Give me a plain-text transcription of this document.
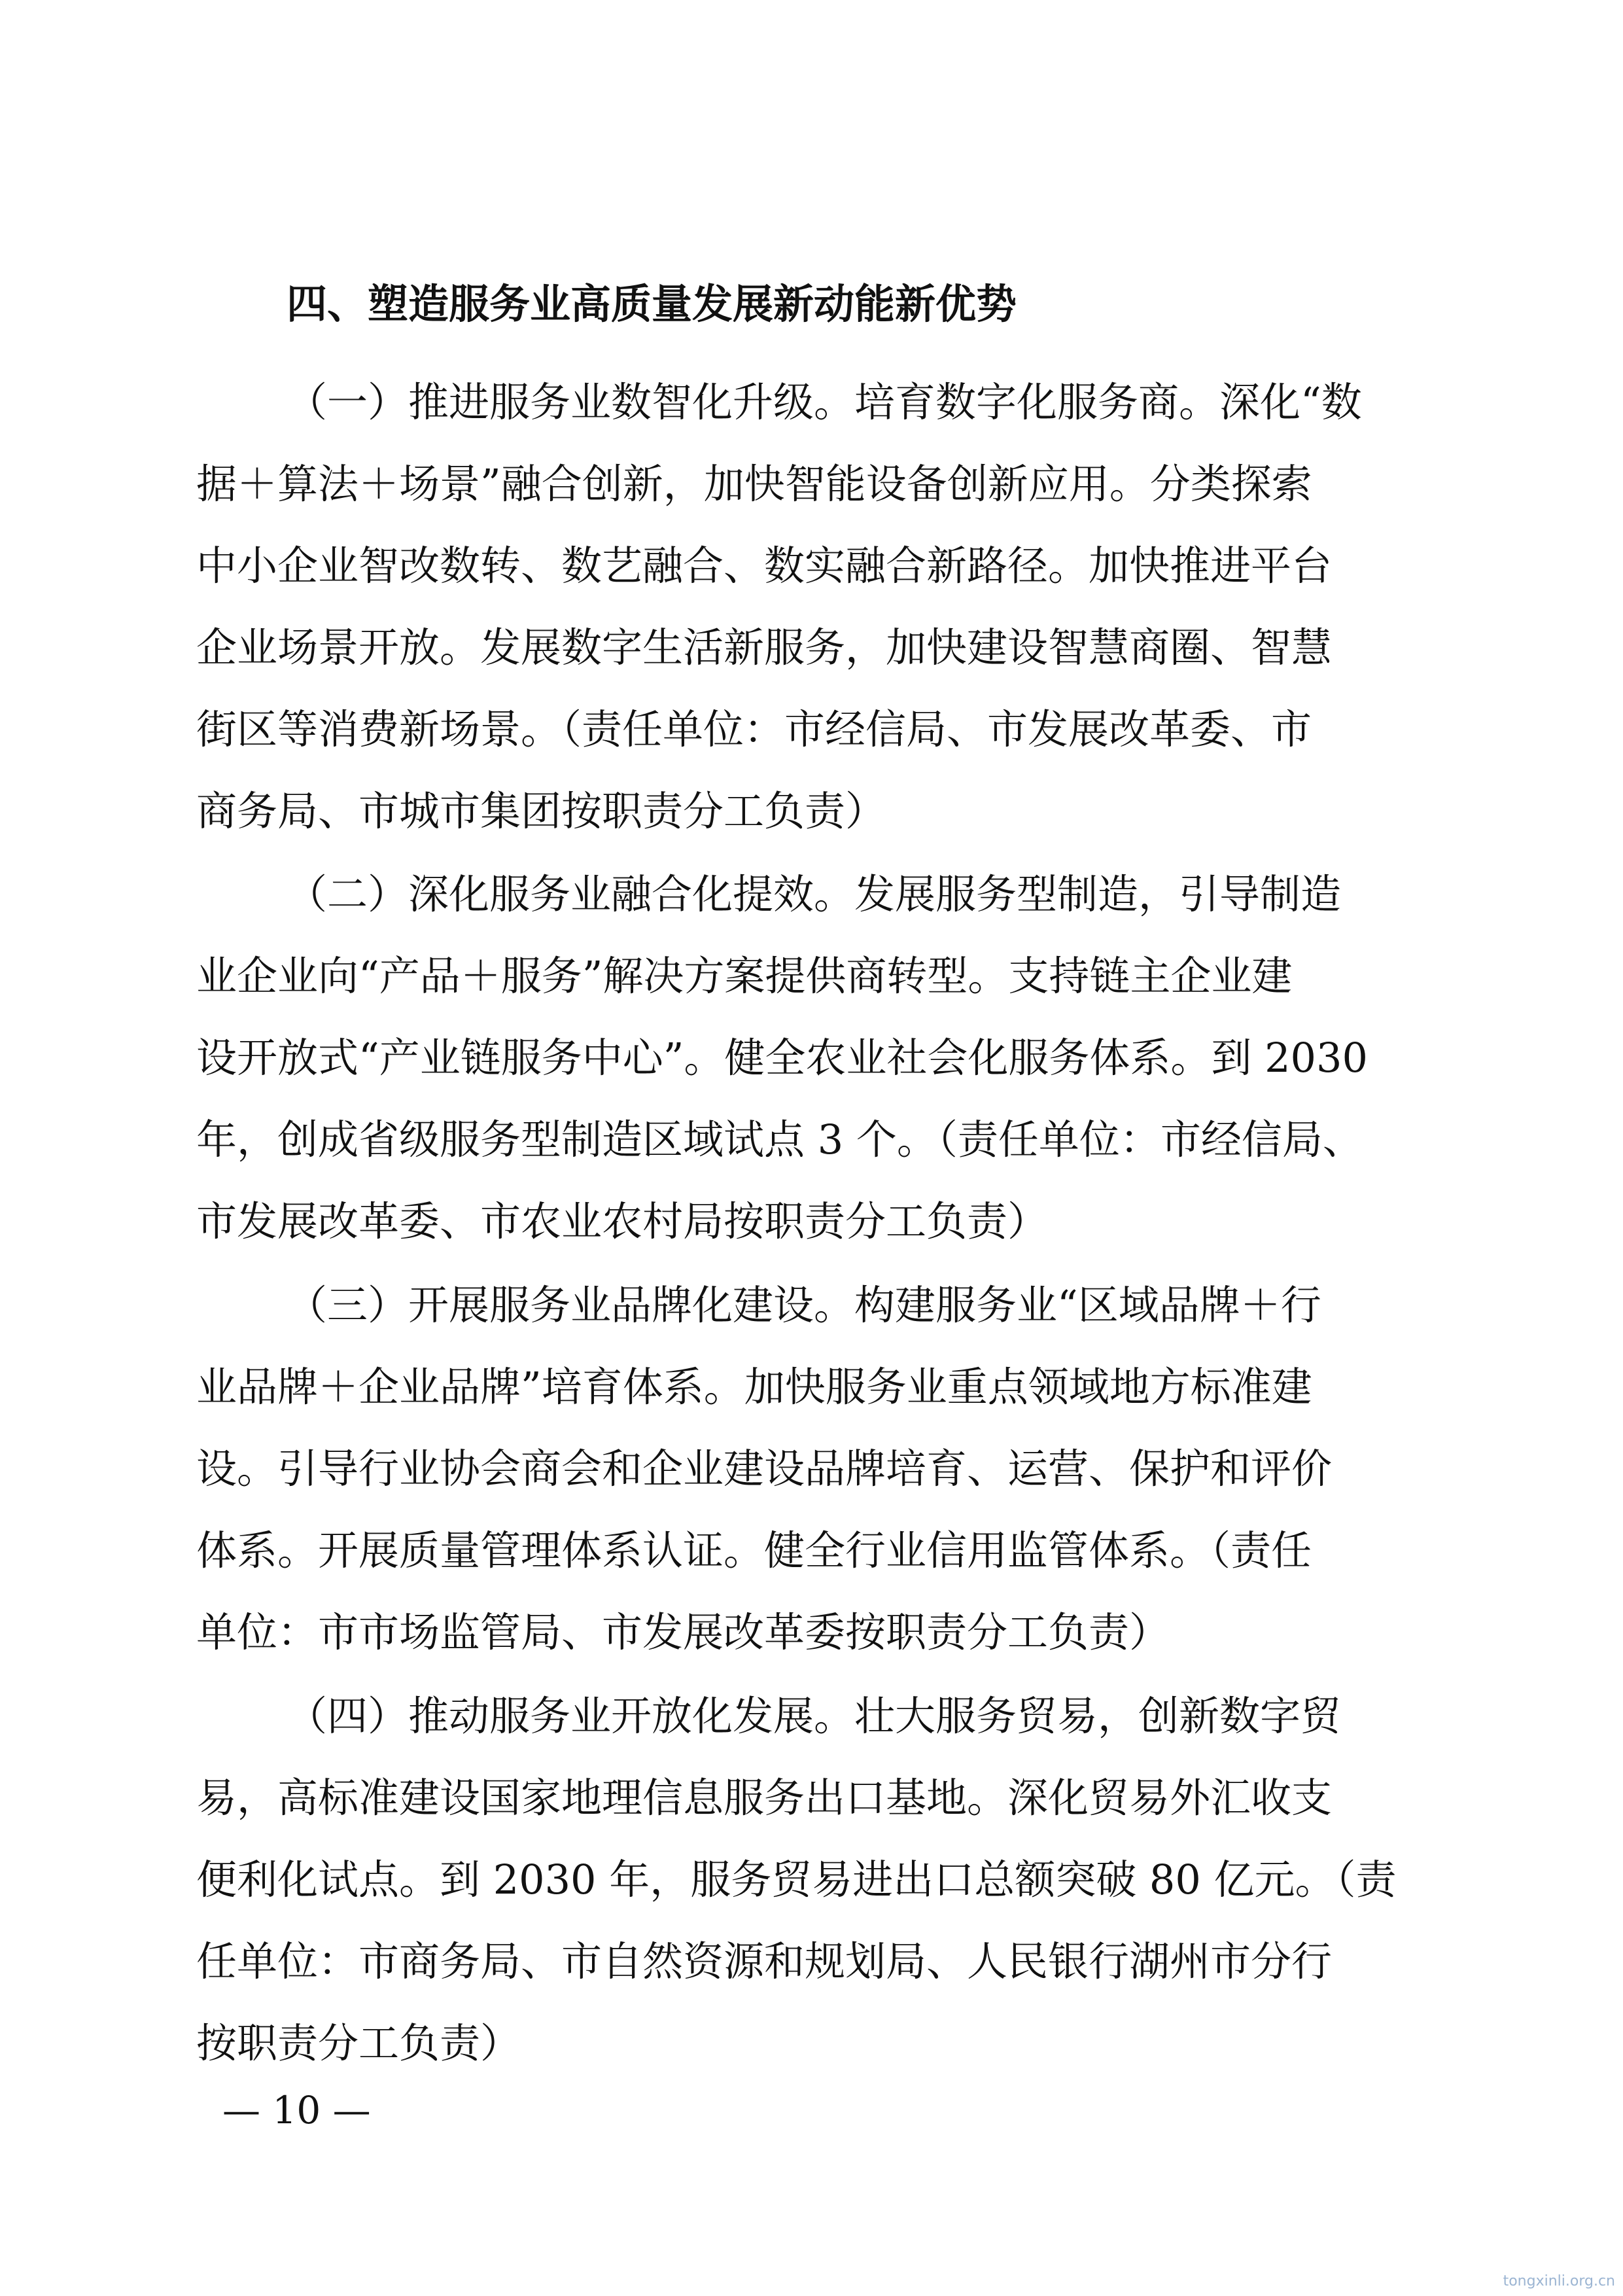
四、塑造服务业高质量发展新动能新优势
（一）推进服务业数智化升级。培育数字化服务商。深化“数
据＋算法＋场景”融合创新，加快智能设备创新应用。分类探索
中小企业智改数转、数艺融合、数实融合新路径。加快推进平台
企业场景开放。发展数字生活新服务，加快建设智慧商圈、智慧
街区等消费新场景。（责任单位：市经信局、市发展改革委、市
商务局、市城市集团按职责分工负责）
（二）深化服务业融合化提效。发展服务型制造，引导制造
业企业向“产品＋服务”解决方案提供商转型。支持链主企业建
设开放式“产业链服务中心”。健全农业社会化服务体系。到 2030
年，创成省级服务型制造区域试点 3 个。（责任单位：市经信局、
市发展改革委、市农业农村局按职责分工负责）
（三）开展服务业品牌化建设。构建服务业“区域品牌＋行
业品牌＋企业品牌”培育体系。加快服务业重点领域地方标准建
设。引导行业协会商会和企业建设品牌培育、运营、保护和评价
体系。开展质量管理体系认证。健全行业信用监管体系。（责任
单位：市市场监管局、市发展改革委按职责分工负责）
（四）推动服务业开放化发展。壮大服务贸易，创新数字贸
易，高标准建设国家地理信息服务出口基地。深化贸易外汇收支
便利化试点。到 2030 年，服务贸易进出口总额突破 80 亿元。（责
任单位：市商务局、市自然资源和规划局、人民银行湖州市分行
按职责分工负责）
— 10 —
tongxinli.org.cn
